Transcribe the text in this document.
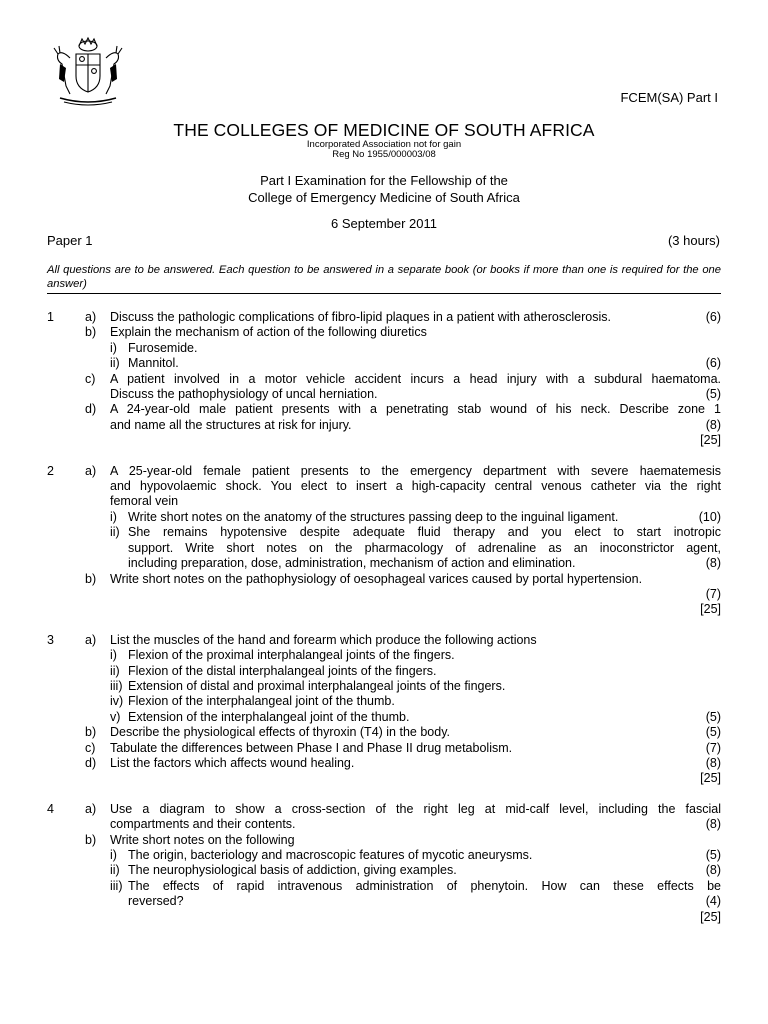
FCEM(SA) Part I
THE COLLEGES OF MEDICINE OF SOUTH AFRICA
Incorporated Association not for gain
Reg No 1955/000003/08
Part I Examination for the Fellowship of the
College of Emergency Medicine of South Africa
6 September 2011
Paper 1	(3 hours)
All questions are to be answered. Each question to be answered in a separate book (or books if more than one is required for the one answer)
1 a) Discuss the pathologic complications of fibro-lipid plaques in a patient with atherosclerosis.	(6)
b) Explain the mechanism of action of the following diuretics
i) Furosemide.
ii) Mannitol.	(6)
c) A patient involved in a motor vehicle accident incurs a head injury with a subdural haematoma.
Discuss the pathophysiology of uncal herniation.	(5)
d) A 24-year-old male patient presents with a penetrating stab wound of his neck. Describe zone 1
and name all the structures at risk for injury.	(8)
[25]
2 a) A 25-year-old female patient presents to the emergency department with severe haematemesis
and hypovolaemic shock. You elect to insert a high-capacity central venous catheter via the right
femoral vein
i) Write short notes on the anatomy of the structures passing deep to the inguinal ligament.	(10)
ii) She remains hypotensive despite adequate fluid therapy and you elect to start inotropic
support. Write short notes on the pharmacology of adrenaline as an inoconstrictor agent,
including preparation, dose, administration, mechanism of action and elimination.	(8)
b) Write short notes on the pathophysiology of oesophageal varices caused by portal hypertension.
(7)
[25]
3 a) List the muscles of the hand and forearm which produce the following actions
i) Flexion of the proximal interphalangeal joints of the fingers.
ii) Flexion of the distal interphalangeal joints of the fingers.
iii) Extension of distal and proximal interphalangeal joints of the fingers.
iv) Flexion of the interphalangeal joint of the thumb.
v) Extension of the interphalangeal joint of the thumb.	(5)
b) Describe the physiological effects of thyroxin (T4) in the body.	(5)
c) Tabulate the differences between Phase I and Phase II drug metabolism.	(7)
d) List the factors which affects wound healing.	(8)
[25]
4 a) Use a diagram to show a cross-section of the right leg at mid-calf level, including the fascial
compartments and their contents.	(8)
b) Write short notes on the following
i) The origin, bacteriology and macroscopic features of mycotic aneurysms.	(5)
ii) The neurophysiological basis of addiction, giving examples.	(8)
iii) The effects of rapid intravenous administration of phenytoin. How can these effects be
reversed?	(4)
[25]
